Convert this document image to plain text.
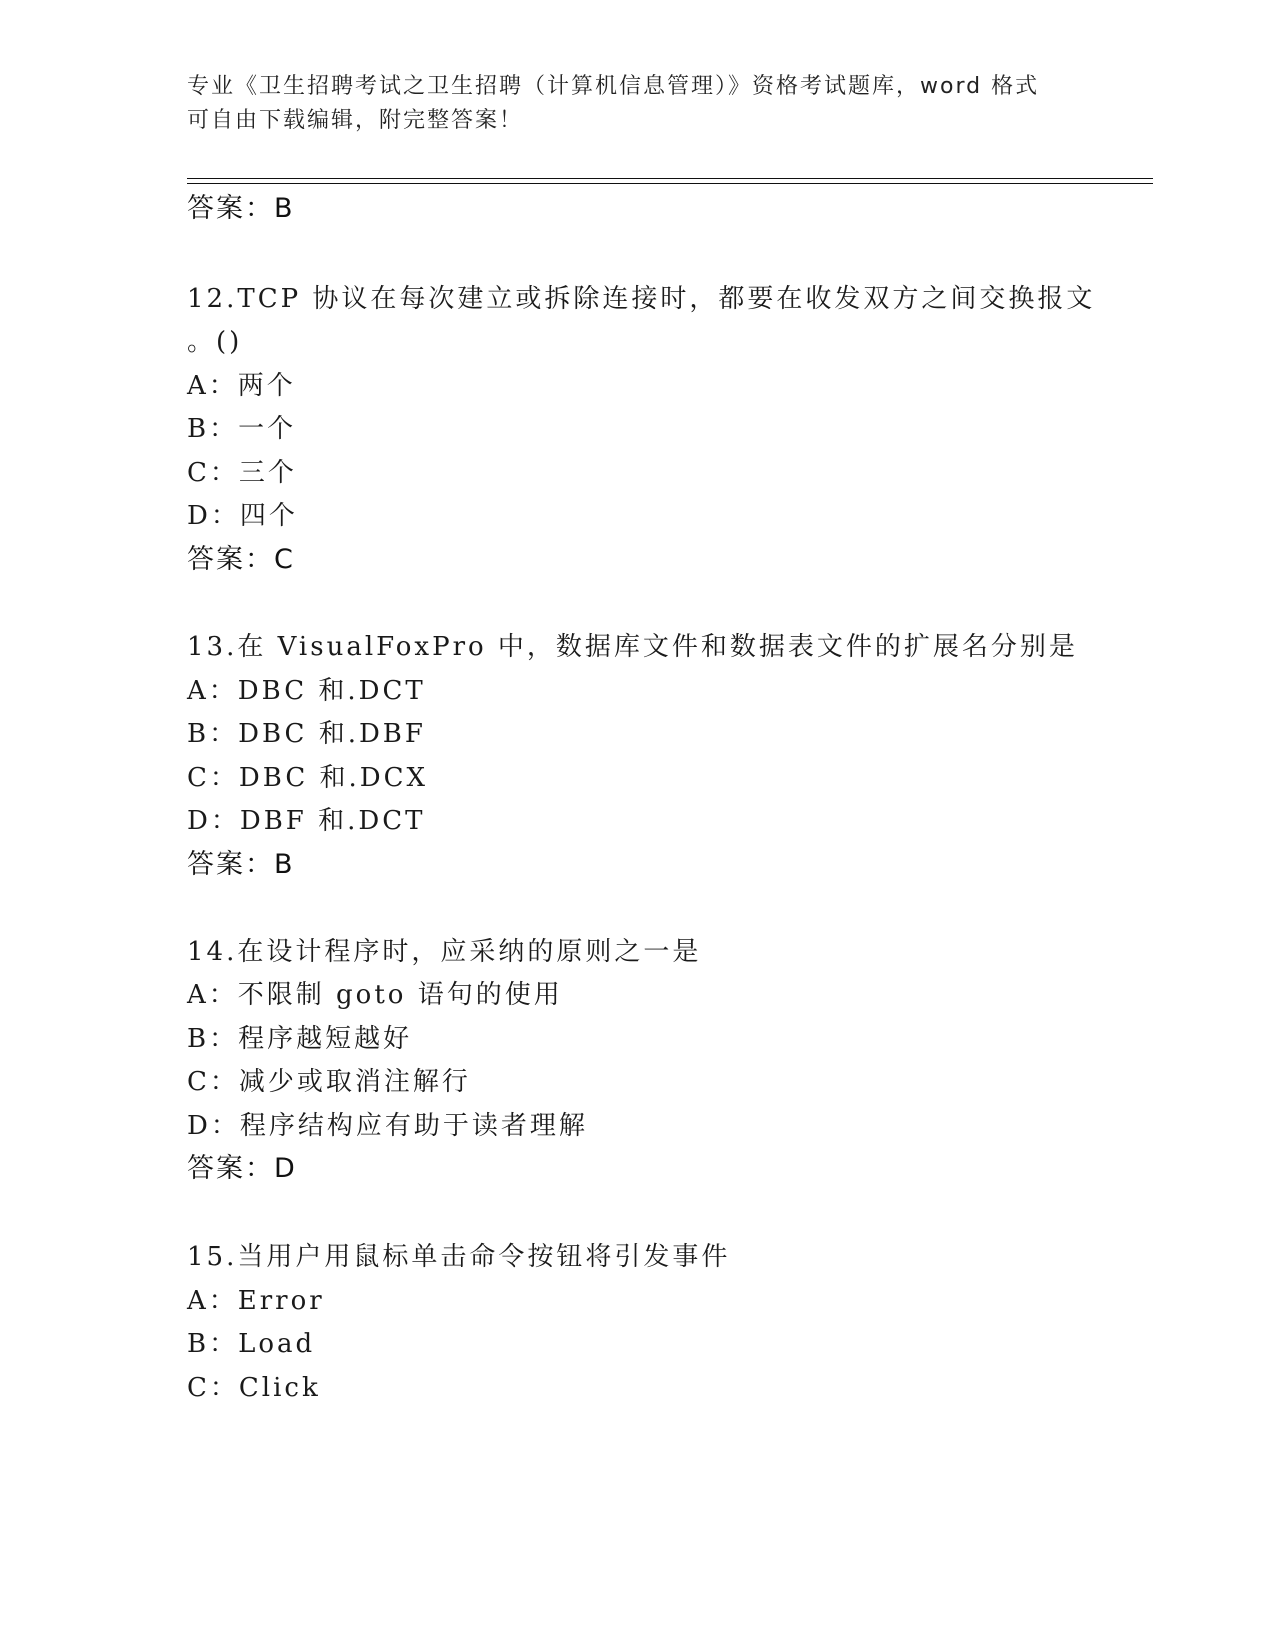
专业《卫生招聘考试之卫生招聘（计算机信息管理）》资格考试题库，word 格式
可自由下载编辑，附完整答案！
答案：B
12.TCP 协议在每次建立或拆除连接时，都要在收发双方之间交换报文
。()
A：两个
B：一个
C：三个
D：四个
答案：C
13.在 VisualFoxPro 中，数据库文件和数据表文件的扩展名分别是
A：DBC 和.DCT
B：DBC 和.DBF
C：DBC 和.DCX
D：DBF 和.DCT
答案：B
14.在设计程序时，应采纳的原则之一是
A：不限制 goto 语句的使用
B：程序越短越好
C：减少或取消注解行
D：程序结构应有助于读者理解
答案：D
15.当用户用鼠标单击命令按钮将引发事件
A：Error
B：Load
C：Click
